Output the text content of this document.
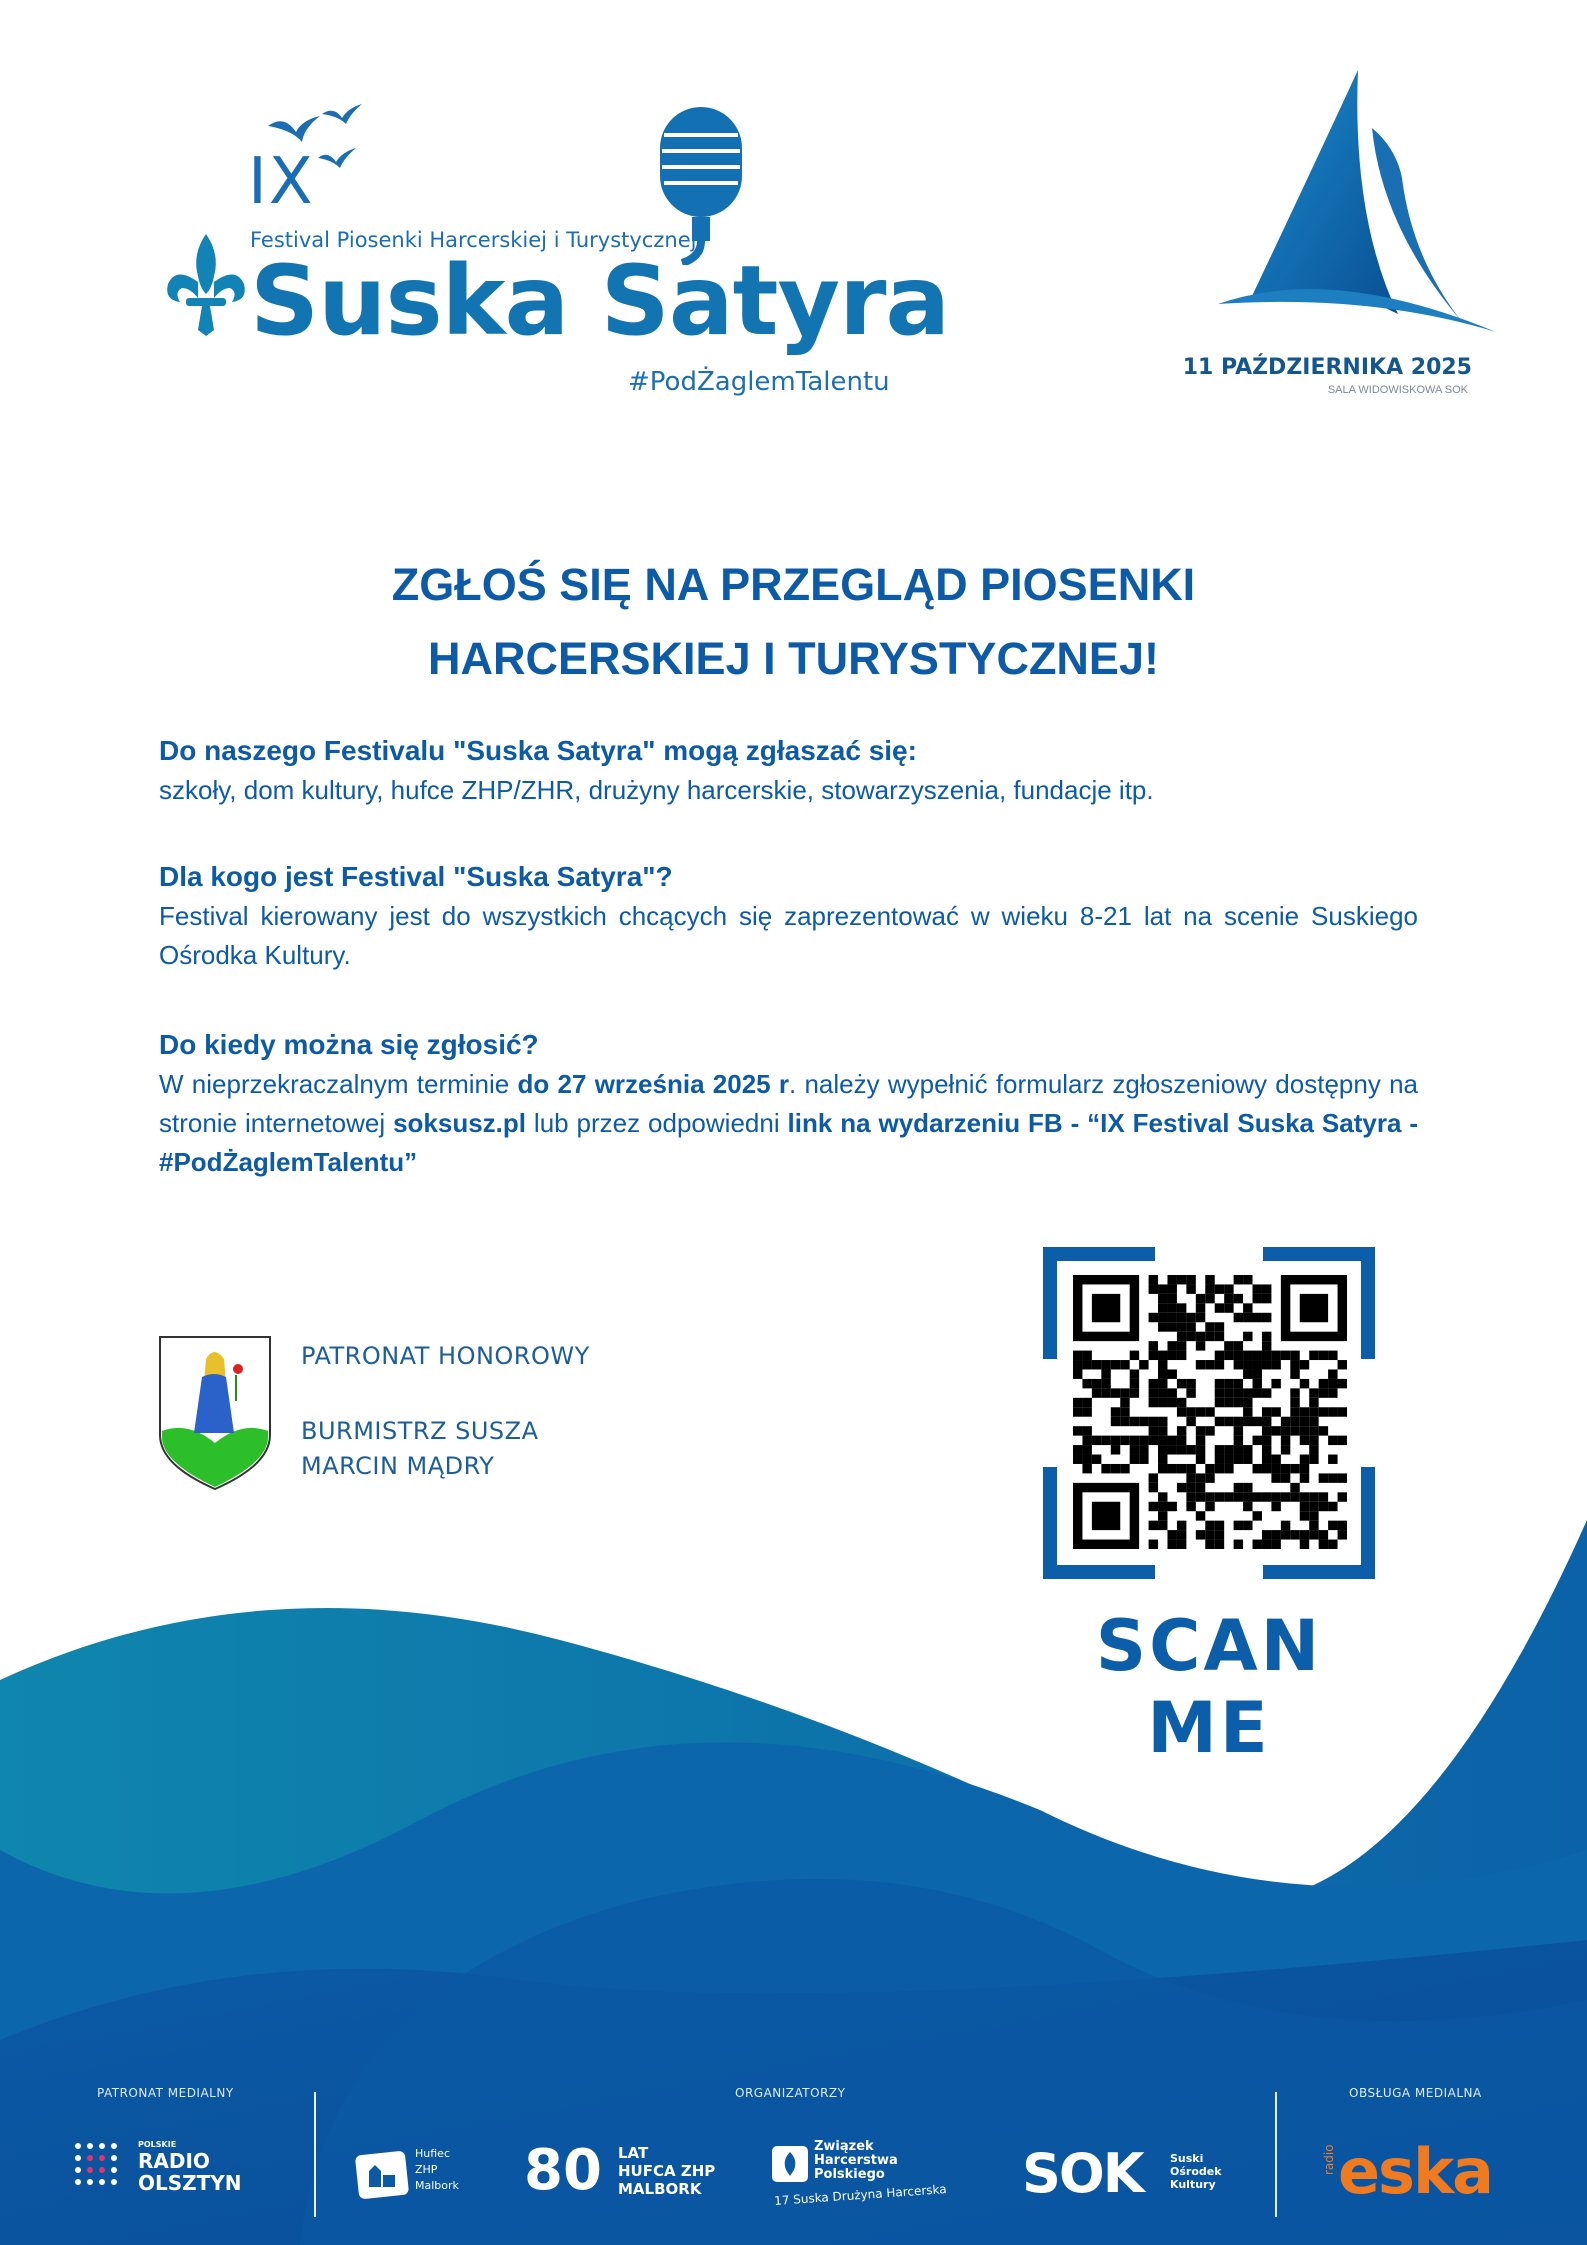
IX
Festival Piosenki Harcerskiej i Turystycznej
Suska Satyra
#PodŻaglemTalentu	11 PAŹDZIERNIKA 2025
SALA WIDOWISKOWA SOK
ZGŁOŚ SIĘ NA PRZEGLĄD PIOSENKI
HARCERSKIEJ I TURYSTYCZNEJ!
Do naszego Festivalu "Suska Satyra" mogą zgłaszać się:
szkoły, dom kultury, hufce ZHP/ZHR, drużyny harcerskie, stowarzyszenia, fundacje itp.
Dla kogo jest Festival "Suska Satyra"?
Festival kierowany jest do wszystkich chcących się zaprezentować w wieku 8-21 lat na scenie Suskiego Ośrodka Kultury.
Do kiedy można się zgłosić?
W nieprzekraczalnym terminie do 27 września 2025 r. należy wypełnić formularz zgłoszeniowy dostępny na stronie internetowej soksusz.pl lub przez odpowiedni link na wydarzeniu FB - “IX Festival Suska Satyra - #PodŻaglemTalentu”
PATRONAT HONOROWY
BURMISTRZ SUSZA
MARCIN MĄDRY
SCAN ME
PATRONAT MEDIALNY	ORGANIZATORZY	OBSŁUGA MEDIALNA
POLSKIE
RADIO
OLSZTYN
Hufiec
ZHP
Malbork 80 LAT
HUFCA ZHP
MALBORK
Związek
Harcerstwa
Polskiego
17 Suska Drużyna Harcerska SOK Suski
Ośrodek
Kultury
radio eska
